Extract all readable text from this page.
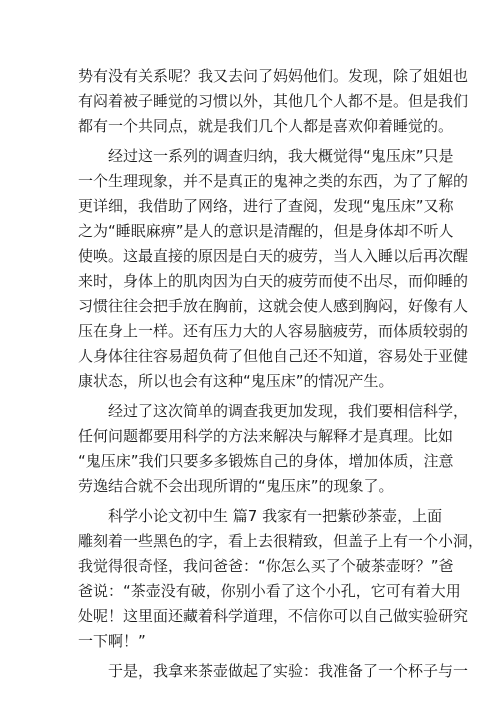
势有没有关系呢？我又去问了妈妈他们。发现，除了姐姐也
有闷着被子睡觉的习惯以外，其他几个人都不是。但是我们
都有一个共同点，就是我们几个人都是喜欢仰着睡觉的。
经过这一系列的调查归纳，我大概觉得“鬼压床”只是
一个生理现象，并不是真正的鬼神之类的东西，为了了解的
更详细，我借助了网络，进行了查阅，发现“鬼压床”又称
之为“睡眠麻痹”是人的意识是清醒的，但是身体却不听人
使唤。这最直接的原因是白天的疲劳，当人入睡以后再次醒
来时，身体上的肌肉因为白天的疲劳而使不出尽，而仰睡的
习惯往往会把手放在胸前，这就会使人感到胸闷，好像有人
压在身上一样。还有压力大的人容易脑疲劳，而体质较弱的
人身体往往容易超负荷了但他自己还不知道，容易处于亚健
康状态，所以也会有这种“鬼压床”的情况产生。
经过了这次简单的调查我更加发现，我们要相信科学，
任何问题都要用科学的方法来解决与解释才是真理。比如
“鬼压床”我们只要多多锻炼自己的身体，增加体质，注意
劳逸结合就不会出现所谓的“鬼压床”的现象了。
科学小论文初中生 篇7 我家有一把紫砂茶壶，上面
雕刻着一些黑色的字，看上去很精致，但盖子上有一个小洞，
我觉得很奇怪，我问爸爸：“你怎么买了个破茶壶呀？”爸
爸说：“茶壶没有破，你别小看了这个小孔，它可有着大用
处呢！这里面还藏着科学道理，不信你可以自己做实验研究
一下啊！”
于是，我拿来茶壶做起了实验：我准备了一个杯子与一
